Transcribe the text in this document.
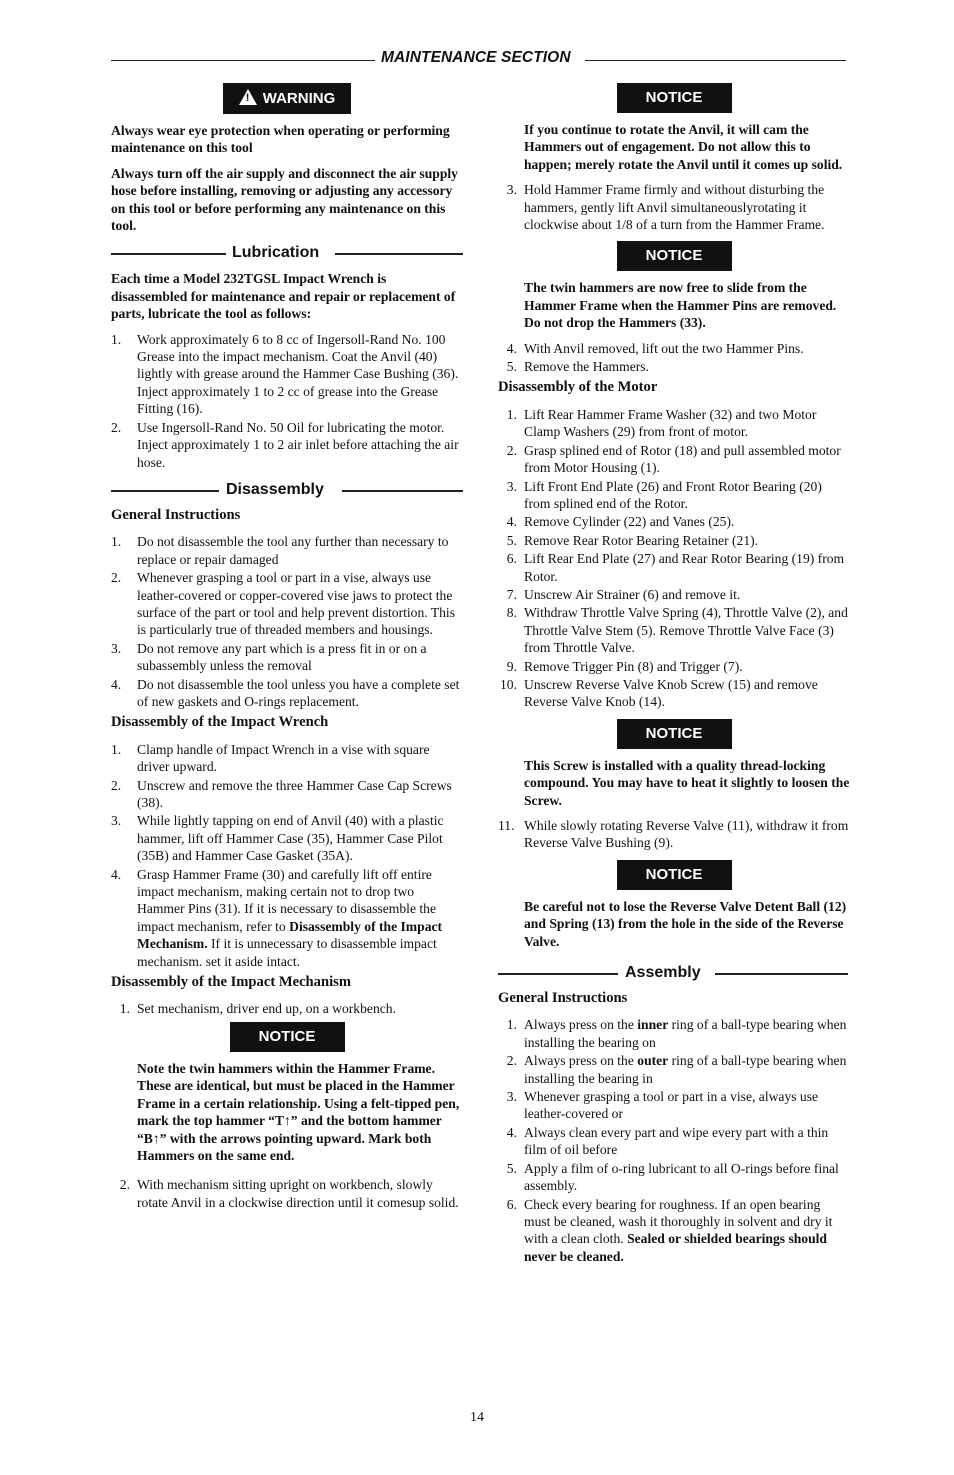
MAINTENANCE SECTION
! WARNING

Always wear eye protection when operating or performing maintenance on this tool

Always turn off the air supply and disconnect the air supply hose before installing, removing or adjusting any accessory on this tool or before performing any maintenance on this tool.

Lubrication

Each time a Model 232TGSL Impact Wrench is disassembled for maintenance and repair or replacement of parts, lubricate the tool as follows:

1.	Work approximately 6 to 8 cc of Ingersoll-Rand No. 100 Grease into the impact mechanism. Coat the Anvil (40) lightly with grease around the Hammer Case Bushing (36). Inject approximately 1 to 2 cc of grease into the Grease Fitting (16).
2.	Use Ingersoll-Rand No. 50 Oil for lubricating the motor. Inject approximately 1 to 2 air inlet before attaching the air hose.
Disassembly
General Instructions
1.	Do not disassemble the tool any further than necessary to replace or repair damaged
2.	Whenever grasping a tool or part in a vise, always use leather-covered or copper-covered vise jaws to protect the surface of the part or tool and help prevent distortion. This is particularly true of threaded members and housings.
3.	Do not remove any part which is a press fit in or on a subassembly unless the removal
4.	Do not disassemble the tool unless you have a complete set of new gaskets and O-rings replacement.
Disassembly of the Impact Wrench
1.	Clamp handle of Impact Wrench in a vise with square driver upward.
2.	Unscrew and remove the three Hammer Case Cap Screws (38).
3.	While lightly tapping on end of Anvil (40) with a plastic hammer, lift off Hammer Case (35), Hammer Case Pilot (35B) and Hammer Case Gasket (35A).
4.	Grasp Hammer Frame (30) and carefully lift off entire impact mechanism, making certain not to drop two Hammer Pins (31). If it is necessary to disassemble the impact mechanism, refer to Disassembly of the Impact Mechanism. If it is unnecessary to disassemble impact mechanism. set it aside intact.
Disassembly of the Impact Mechanism
1. Set mechanism, driver end up, on a workbench.
NOTICE

Note the twin hammers within the Hammer Frame. These are identical, but must be placed in the Hammer Frame in a certain relationship. Using a felt-tipped pen, mark the top hammer “T↑” and the bottom hammer “B↑” with the arrows pointing upward. Mark both Hammers on the same end.

2. With mechanism sitting upright on workbench, slowly rotate Anvil in a clockwise direction until it comesup solid.
NOTICE

If you continue to rotate the Anvil, it will cam the Hammers out of engagement. Do not allow this to happen; merely rotate the Anvil until it comes up solid.

3. Hold Hammer Frame firmly and without disturbing the hammers, gently lift Anvil simultaneouslyrotating it clockwise about 1/8 of a turn from the Hammer Frame.
NOTICE

The twin hammers are now free to slide from the Hammer Frame when the Hammer Pins are removed. Do not drop the Hammers (33).

4. With Anvil removed, lift out the two Hammer Pins.
5. Remove the Hammers.
Disassembly of the Motor
1. Lift Rear Hammer Frame Washer (32) and two Motor Clamp Washers (29) from front of motor.
2. Grasp splined end of Rotor (18) and pull assembled motor from Motor Housing (1).
3. Lift Front End Plate (26) and Front Rotor Bearing (20) from splined end of the Rotor.
4. Remove Cylinder (22) and Vanes (25).
5. Remove Rear Rotor Bearing Retainer (21).
6. Lift Rear End Plate (27) and Rear Rotor Bearing (19) from Rotor.
7. Unscrew Air Strainer (6) and remove it.
8. Withdraw Throttle Valve Spring (4), Throttle Valve (2), and Throttle Valve Stem (5). Remove Throttle Valve Face (3) from Throttle Valve.
9. Remove Trigger Pin (8) and Trigger (7).
10. Unscrew Reverse Valve Knob Screw (15) and remove Reverse Valve Knob (14).
NOTICE

This Screw is installed with a quality thread-locking compound. You may have to heat it slightly to loosen the Screw.

11. While slowly rotating Reverse Valve (11), withdraw it from Reverse Valve Bushing (9).
NOTICE

Be careful not to lose the Reverse Valve Detent Ball (12) and Spring (13) from the hole in the side of the Reverse Valve.

Assembly
General Instructions
1. Always press on the inner ring of a ball-type bearing when installing the bearing on
2. Always press on the outer ring of a ball-type bearing when installing the bearing in
3. Whenever grasping a tool or part in a vise, always use leather-covered or
4. Always clean every part and wipe every part with a thin film of oil before
5. Apply a film of o-ring lubricant to all O-rings before final assembly.
6. Check every bearing for roughness. If an open bearing must be cleaned, wash it thoroughly in solvent and dry it with a clean cloth. Sealed or shielded bearings should never be cleaned.
14
